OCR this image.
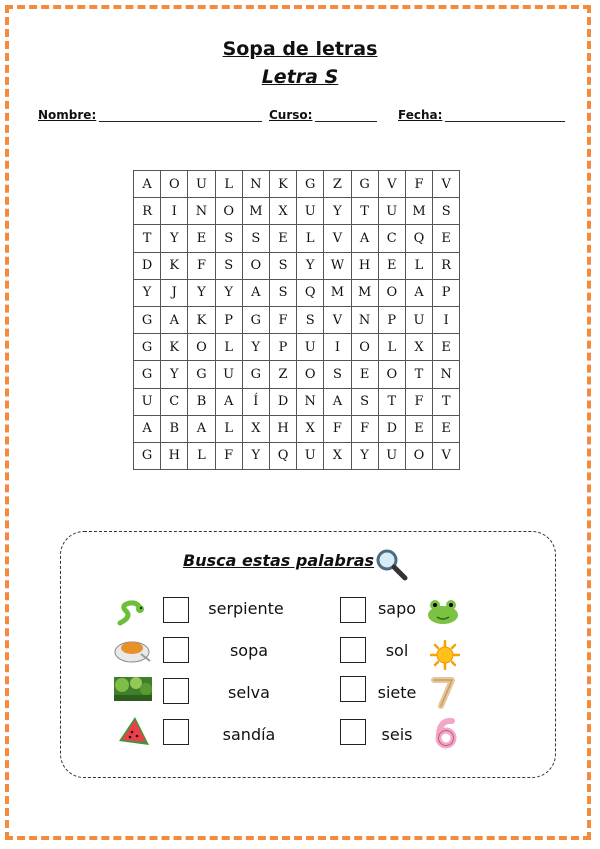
Sopa de letras
Letra S
Nombre:	Curso:	Fecha:
A	O	U	L	N	K	G	Z	G	V	F	V
R	I	N	O	M	X	U	Y	T	U	M	S
T	Y	E	S	S	E	L	V	A	C	Q	E
D	K	F	S	O	S	Y	W	H	E	L	R
Y	J	Y	Y	A	S	Q	M	M	O	A	P
G	A	K	P	G	F	S	V	N	P	U	I
G	K	O	L	Y	P	U	I	O	L	X	E
G	Y	G	U	G	Z	O	S	E	O	T	N
U	C	B	A	Í	D	N	A	S	T	F	T
A	B	A	L	X	H	X	F	F	D	E	E
G	H	L	F	Y	Q	U	X	Y	U	O	V
Busca estas palabras
serpiente
sopa
selva
sandía
sapo
sol
siete
seis
